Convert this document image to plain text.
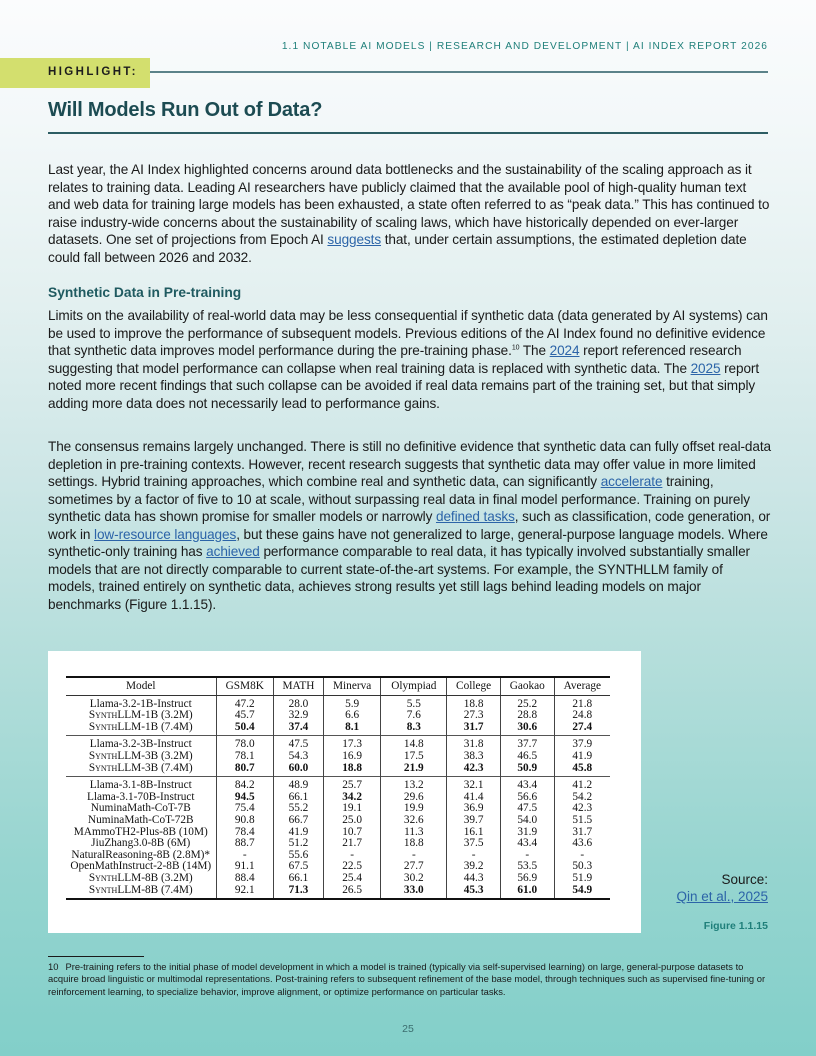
1.1 NOTABLE AI MODELS | RESEARCH AND DEVELOPMENT | AI INDEX REPORT 2026
HIGHLIGHT:
Will Models Run Out of Data?

Last year, the AI Index highlighted concerns around data bottlenecks and the sustainability of the scaling approach as it relates to training data. Leading AI researchers have publicly claimed that the available pool of high-quality human text and web data for training large models has been exhausted, a state often referred to as “peak data.” This has continued to raise industry-wide concerns about the sustainability of scaling laws, which have historically depended on ever-larger datasets. One set of projections from Epoch AI suggests that, under certain assumptions, the estimated depletion date could fall between 2026 and 2032.

Synthetic Data in Pre-training

Limits on the availability of real-world data may be less consequential if synthetic data (data generated by AI systems) can be used to improve the performance of subsequent models. Previous editions of the AI Index found no definitive evidence that synthetic data improves model performance during the pre-training phase.$^{10}$ The 2024 report referenced research suggesting that model performance can collapse when real training data is replaced with synthetic data. The 2025 report noted more recent findings that such collapse can be avoided if real data remains part of the training set, but that simply adding more data does not necessarily lead to performance gains.

The consensus remains largely unchanged. There is still no definitive evidence that synthetic data can fully offset real-data depletion in pre-training contexts. However, recent research suggests that synthetic data may offer value in more limited settings. Hybrid training approaches, which combine real and synthetic data, can significantly accelerate training, sometimes by a factor of five to 10 at scale, without surpassing real data in final model performance. Training on purely synthetic data has shown promise for smaller models or narrowly defined tasks, such as classification, code generation, or work in low-resource languages, but these gains have not generalized to large, general-purpose language models. Where synthetic-only training has achieved performance comparable to real data, it has typically involved substantially smaller models that are not directly comparable to current state-of-the-art systems. For example, the SYNTHLLM family of models, trained entirely on synthetic data, achieves strong results yet still lags behind leading models on major benchmarks (Figure 1.1.15).

Model	GSM8K	MATH	Minerva	Olympiad	College	Gaokao	Average
Llama-3.2-1B-Instruct	47.2	28.0	5.9	5.5	18.8	25.2	21.8
SynthLLM-1B (3.2M)	45.7	32.9	6.6	7.6	27.3	28.8	24.8
SynthLLM-1B (7.4M)	50.4	37.4	8.1	8.3	31.7	30.6	27.4
Llama-3.2-3B-Instruct	78.0	47.5	17.3	14.8	31.8	37.7	37.9
SynthLLM-3B (3.2M)	78.1	54.3	16.9	17.5	38.3	46.5	41.9
SynthLLM-3B (7.4M)	80.7	60.0	18.8	21.9	42.3	50.9	45.8
Llama-3.1-8B-Instruct	84.2	48.9	25.7	13.2	32.1	43.4	41.2
Llama-3.1-70B-Instruct	94.5	66.1	34.2	29.6	41.4	56.6	54.2
NuminaMath-CoT-7B	75.4	55.2	19.1	19.9	36.9	47.5	42.3
NuminaMath-CoT-72B	90.8	66.7	25.0	32.6	39.7	54.0	51.5
MAmmoTH2-Plus-8B (10M)	78.4	41.9	10.7	11.3	16.1	31.9	31.7
JiuZhang3.0-8B (6M)	88.7	51.2	21.7	18.8	37.5	43.4	43.6
NaturalReasoning-8B (2.8M)*	-	55.6	-	-	-	-	-
OpenMathInstruct-2-8B (14M)	91.1	67.5	22.5	27.7	39.2	53.5	50.3
SynthLLM-8B (3.2M)	88.4	66.1	25.4	30.2	44.3	56.9	51.9
SynthLLM-8B (7.4M)	92.1	71.3	26.5	33.0	45.3	61.0	54.9
Source:
Qin et al., 2025
Figure 1.1.15

10 Pre-training refers to the initial phase of model development in which a model is trained (typically via self-supervised learning) on large, general-purpose datasets to acquire broad linguistic or multimodal representations. Post-training refers to subsequent refinement of the base model, through techniques such as supervised fine-tuning or reinforcement learning, to specialize behavior, improve alignment, or optimize performance on particular tasks.

25
